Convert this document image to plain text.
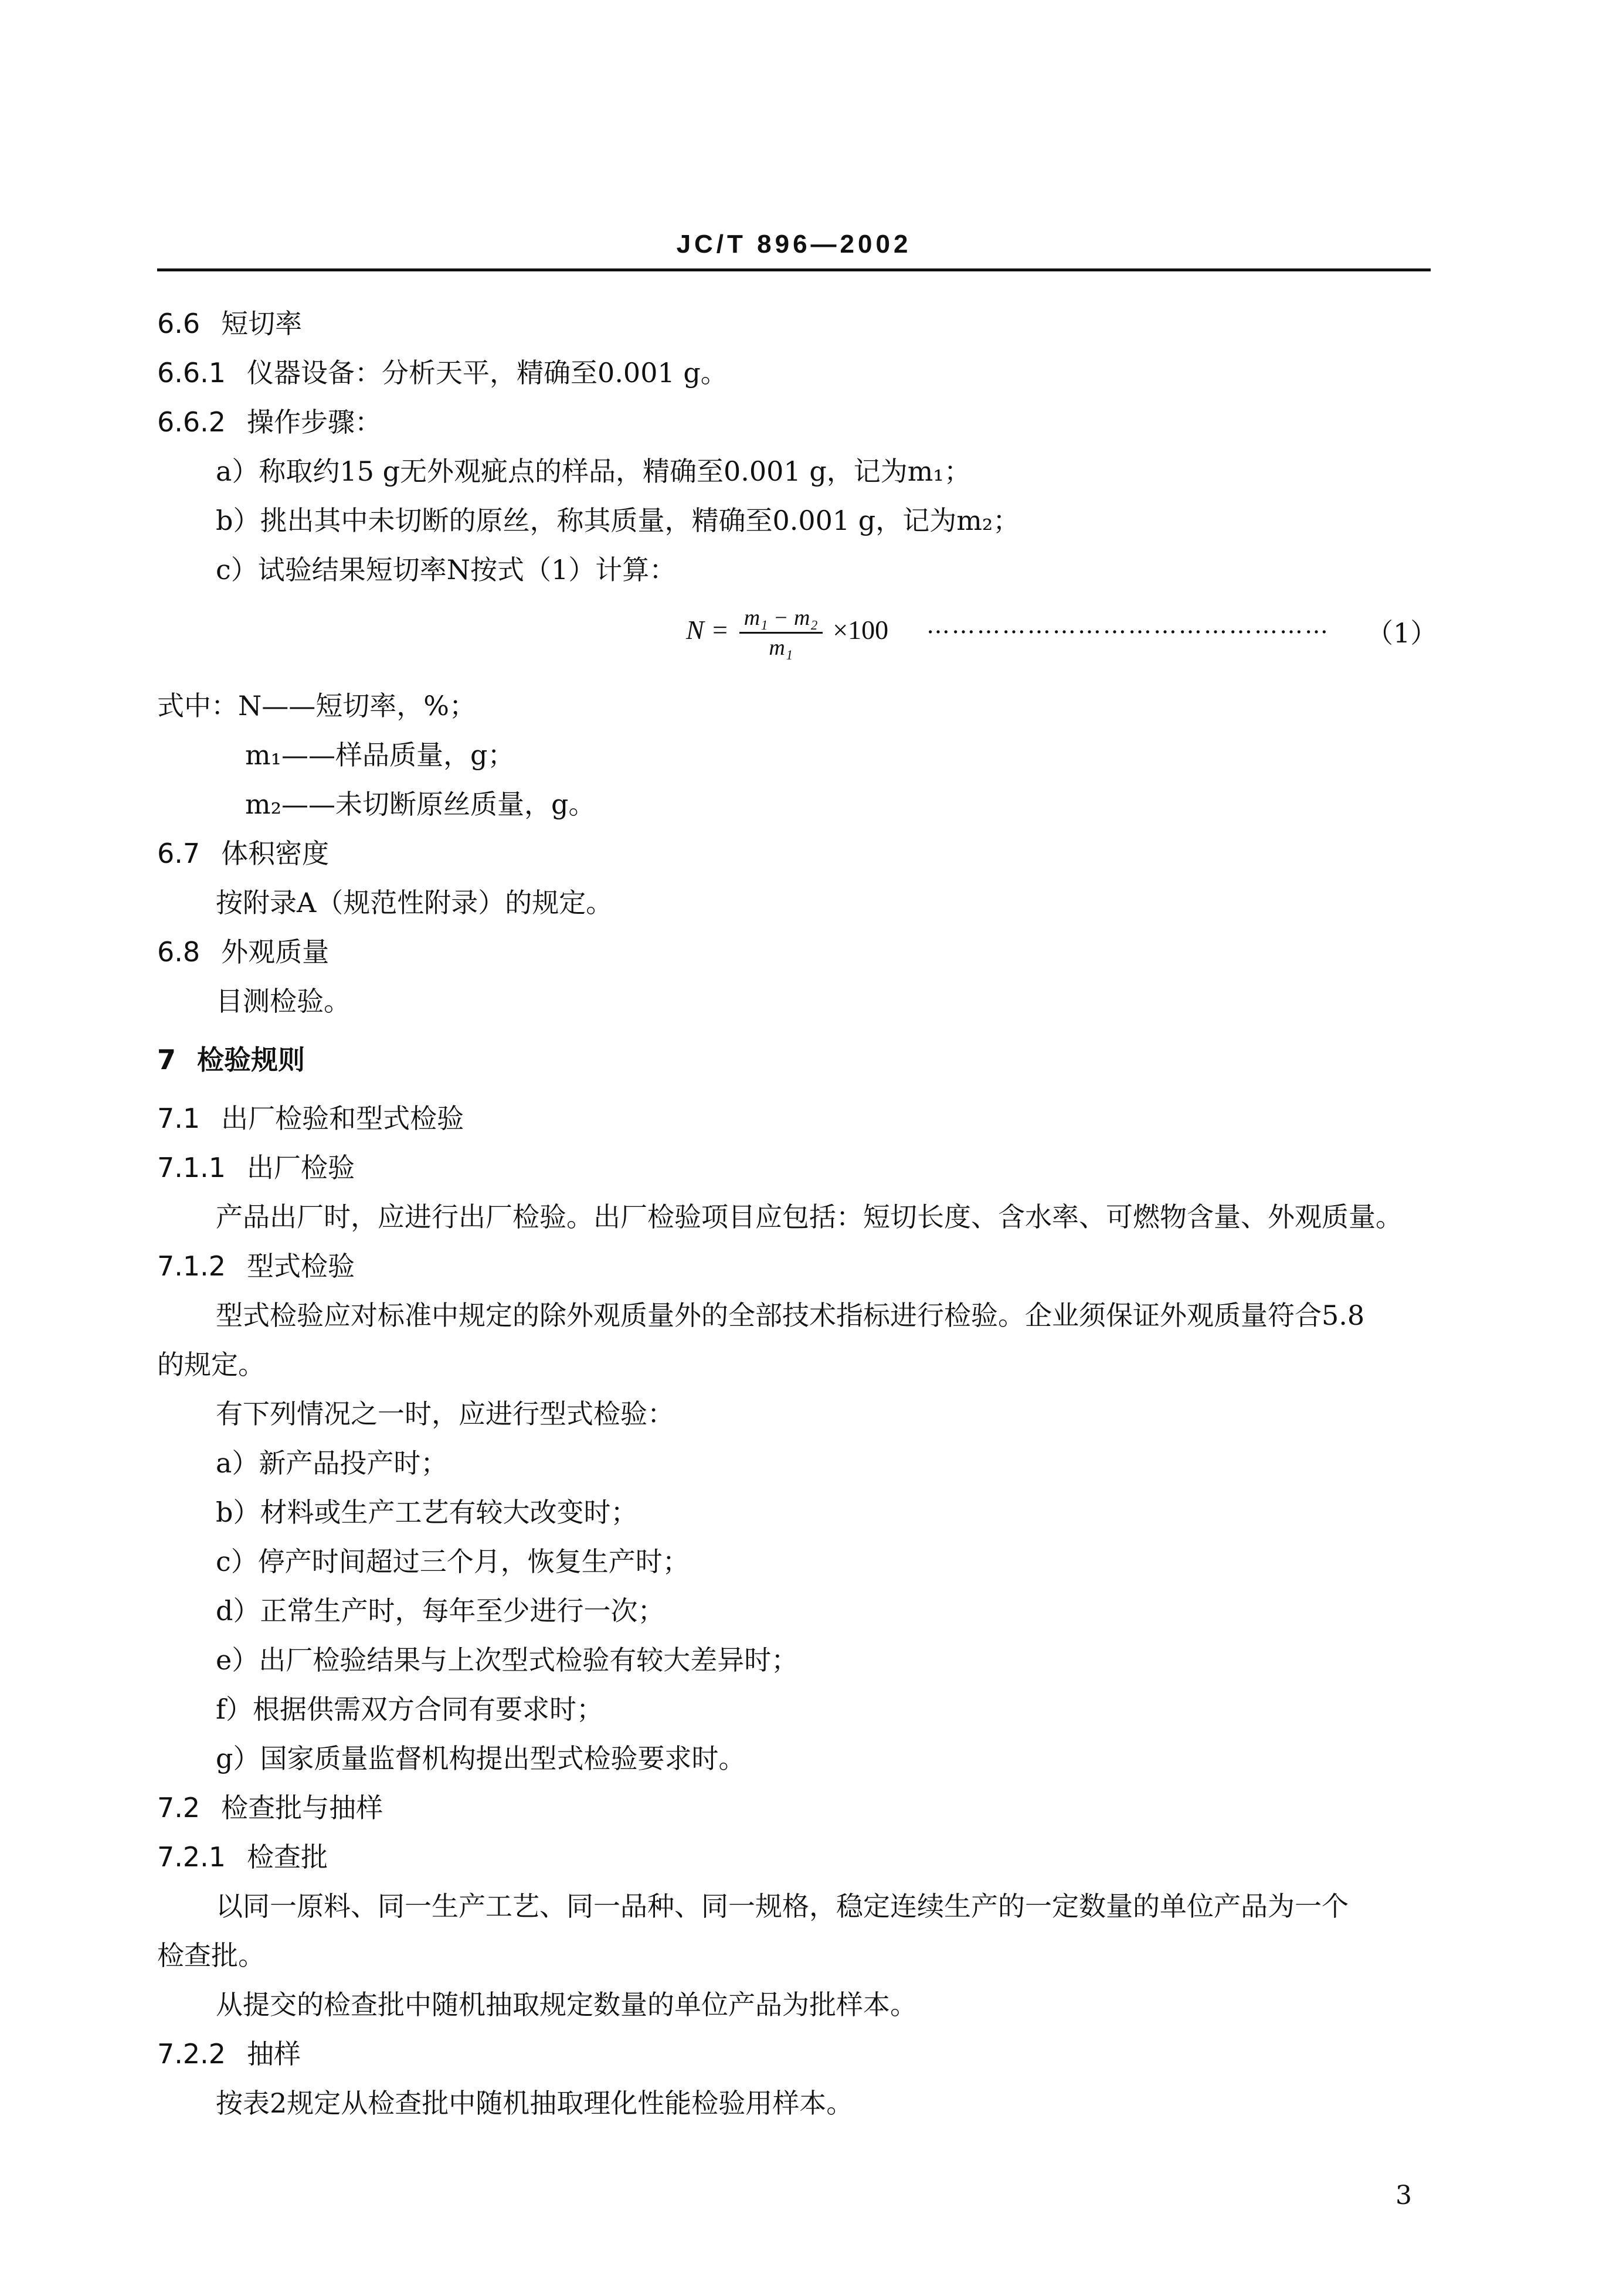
JC/T 896—2002
6.6 短切率
6.6.1 仪器设备：分析天平，精确至0.001 g。
6.6.2 操作步骤：
a）称取约15 g无外观疵点的样品，精确至0.001 g，记为m₁；
b）挑出其中未切断的原丝，称其质量，精确至0.001 g，记为m₂；
c）试验结果短切率N按式（1）计算：
$N = \frac{\text{m₁ − m₂}}{\text{m₁}} \times 100$ ………………………………………… （1）
式中：N——短切率，%；
m₁——样品质量，g；
m₂——未切断原丝质量，g。
6.7 体积密度
按附录A（规范性附录）的规定。
6.8 外观质量
目测检验。
7 检验规则
7.1 出厂检验和型式检验
7.1.1 出厂检验
产品出厂时，应进行出厂检验。出厂检验项目应包括：短切长度、含水率、可燃物含量、外观质量。
7.1.2 型式检验
型式检验应对标准中规定的除外观质量外的全部技术指标进行检验。企业须保证外观质量符合5.8
的规定。
有下列情况之一时，应进行型式检验：
a）新产品投产时；
b）材料或生产工艺有较大改变时；
c）停产时间超过三个月，恢复生产时；
d）正常生产时，每年至少进行一次；
e）出厂检验结果与上次型式检验有较大差异时；
f）根据供需双方合同有要求时；
g）国家质量监督机构提出型式检验要求时。
7.2 检查批与抽样
7.2.1 检查批
以同一原料、同一生产工艺、同一品种、同一规格，稳定连续生产的一定数量的单位产品为一个
检查批。
从提交的检查批中随机抽取规定数量的单位产品为批样本。
7.2.2 抽样
按表2规定从检查批中随机抽取理化性能检验用样本。
3
